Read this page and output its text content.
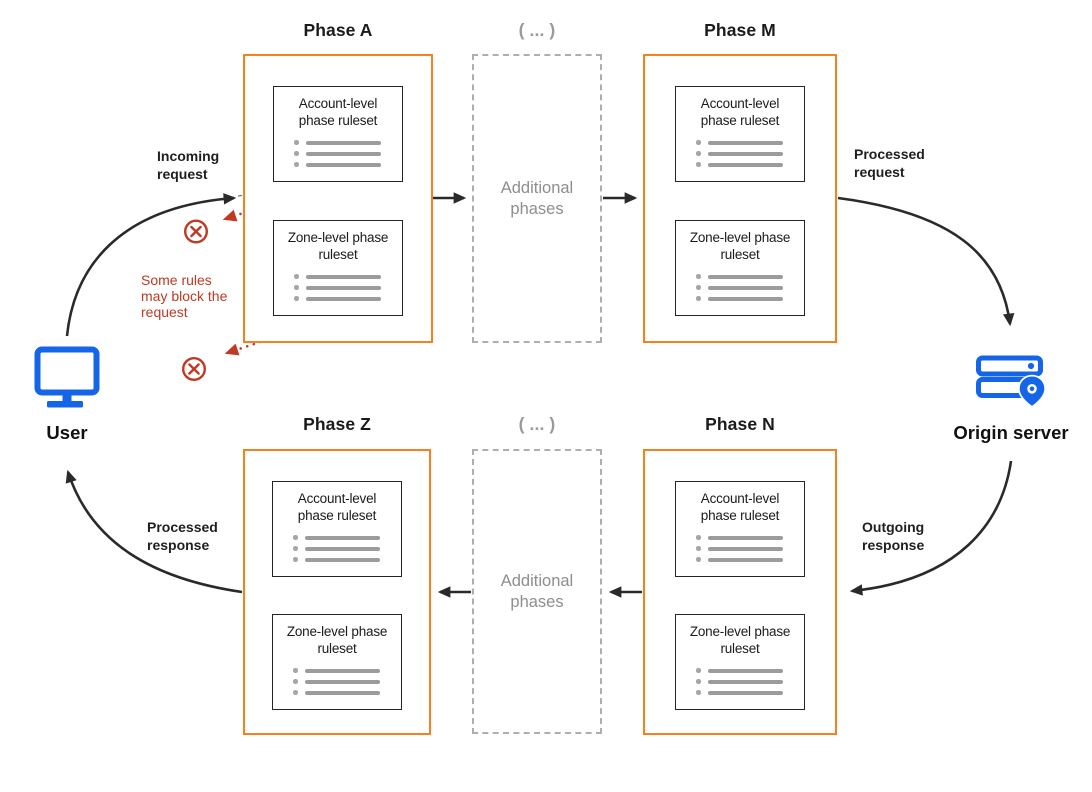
Phase A	( ... )	Phase M
Phase Z	( ... )	Phase N
Account-level phase ruleset
Zone-level phase ruleset
Additional phases
Account-level phase ruleset
Zone-level phase ruleset
Account-level phase ruleset
Zone-level phase ruleset
Additional phases
Account-level phase ruleset
Zone-level phase ruleset
Incoming request
Processed request
Outgoing response
Processed response
Some rules may block the request
User	Origin server
